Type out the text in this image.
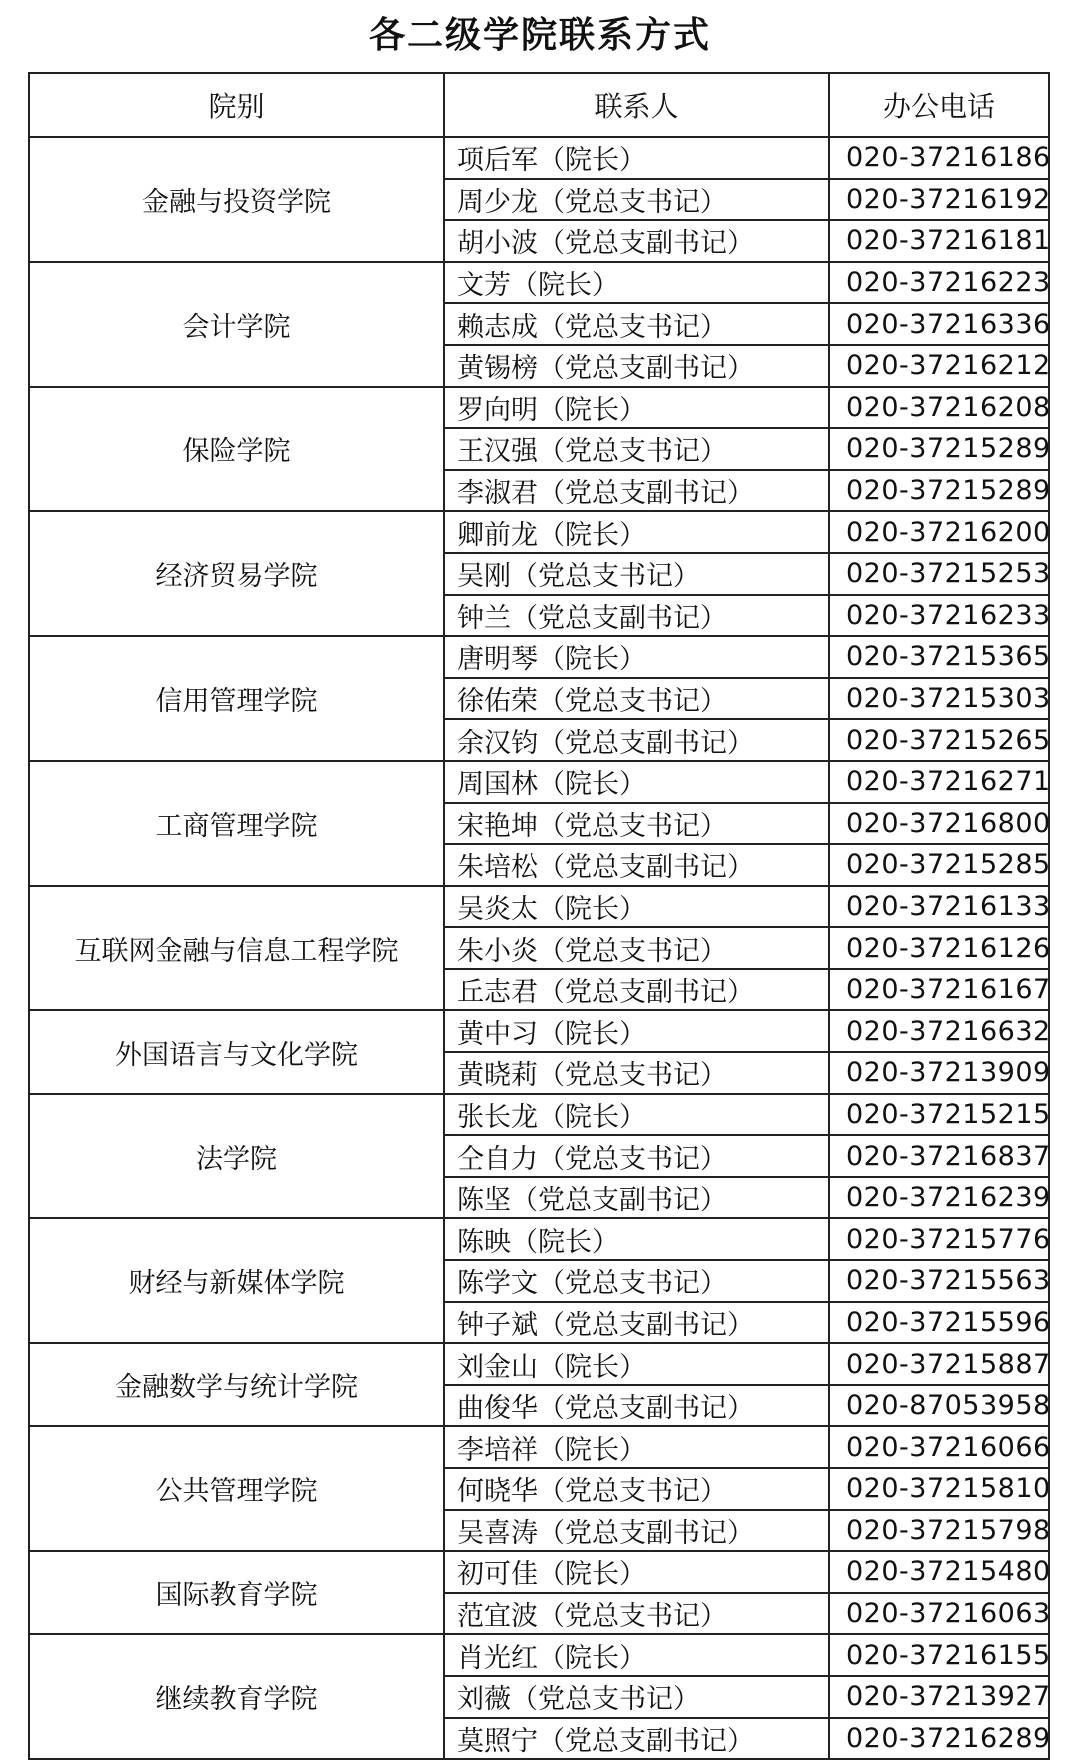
各二级学院联系方式
院别	联系人	办公电话
金融与投资学院	项后军（院长）	020-37216186
	周少龙（党总支书记）	020-37216192
	胡小波（党总支副书记）	020-37216181
会计学院	文芳（院长）	020-37216223
	赖志成（党总支书记）	020-37216336
	黄锡榜（党总支副书记）	020-37216212
保险学院	罗向明（院长）	020-37216208
	王汉强（党总支书记）	020-37215289
	李淑君（党总支副书记）	020-37215289
经济贸易学院	卿前龙（院长）	020-37216200
	吴刚（党总支书记）	020-37215253
	钟兰（党总支副书记）	020-37216233
信用管理学院	唐明琴（院长）	020-37215365
	徐佑荣（党总支书记）	020-37215303
	余汉钧（党总支副书记）	020-37215265
工商管理学院	周国林（院长）	020-37216271
	宋艳坤（党总支书记）	020-37216800
	朱培松（党总支副书记）	020-37215285
互联网金融与信息工程学院	吴炎太（院长）	020-37216133
	朱小炎（党总支书记）	020-37216126
	丘志君（党总支副书记）	020-37216167
外国语言与文化学院	黄中习（院长）	020-37216632
	黄晓莉（党总支书记）	020-37213909
法学院	张长龙（院长）	020-37215215
	仝自力（党总支书记）	020-37216837
	陈坚（党总支副书记）	020-37216239
财经与新媒体学院	陈映（院长）	020-37215776
	陈学文（党总支书记）	020-37215563
	钟子斌（党总支副书记）	020-37215596
金融数学与统计学院	刘金山（院长）	020-37215887
	曲俊华（党总支副书记）	020-87053958
公共管理学院	李培祥（院长）	020-37216066
	何晓华（党总支书记）	020-37215810
	吴喜涛（党总支副书记）	020-37215798
国际教育学院	初可佳（院长）	020-37215480
	范宜波（党总支书记）	020-37216063
继续教育学院	肖光红（院长）	020-37216155
	刘薇（党总支书记）	020-37213927
	莫照宁（党总支副书记）	020-37216289
